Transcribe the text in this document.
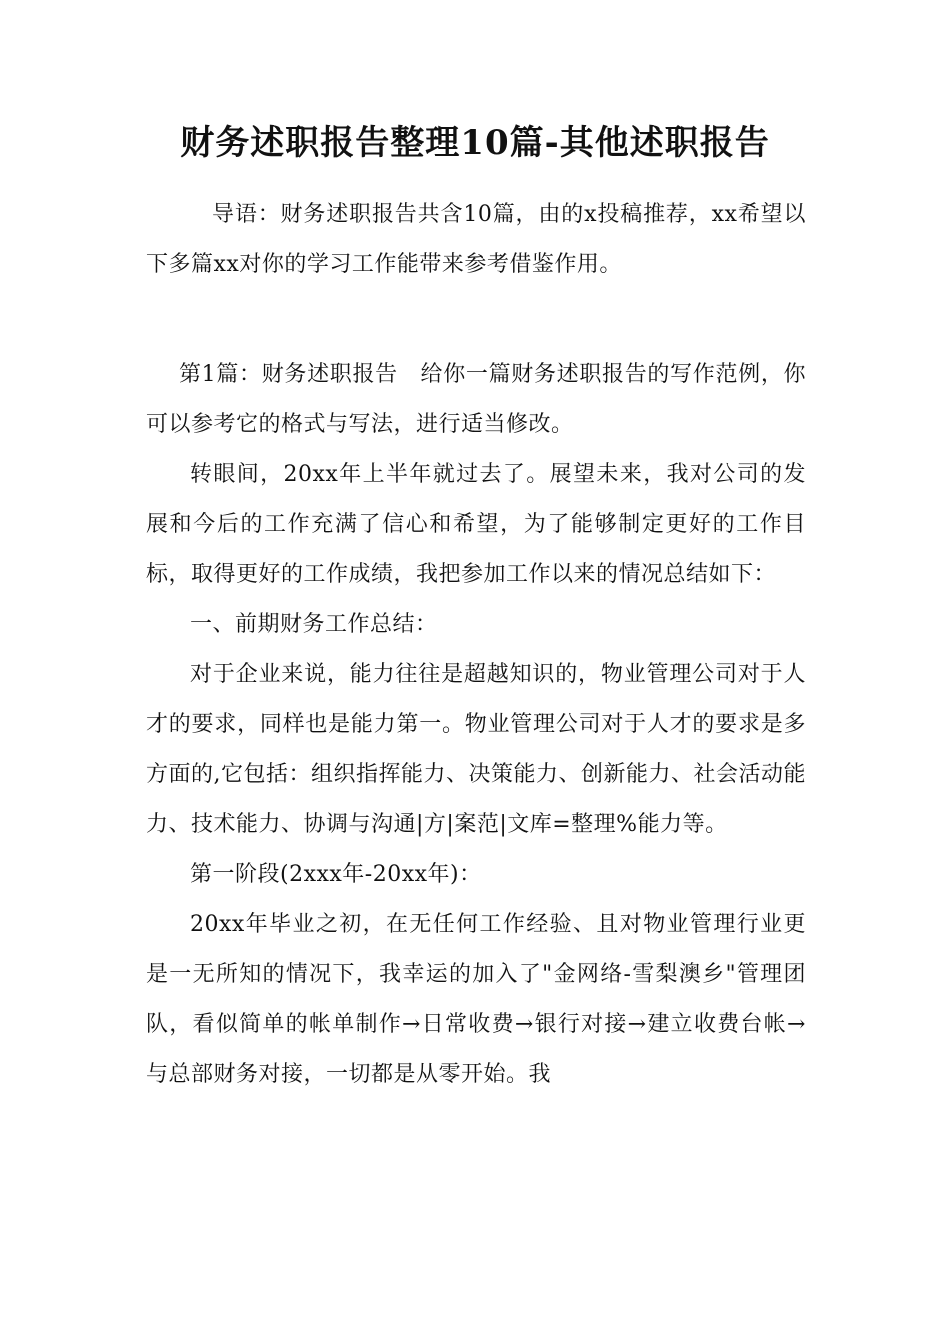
财务述职报告整理10篇-其他述职报告

导语：财务述职报告共含10篇，由的x投稿推荐，xx希望以下多篇xx对你的学习工作能带来参考借鉴作用。

第1篇：财务述职报告　给你一篇财务述职报告的写作范例，你可以参考它的格式与写法，进行适当修改。

转眼间，20xx年上半年就过去了。展望未来，我对公司的发展和今后的工作充满了信心和希望，为了能够制定更好的工作目标，取得更好的工作成绩，我把参加工作以来的情况总结如下：

一、前期财务工作总结：

对于企业来说，能力往往是超越知识的，物业管理公司对于人才的要求，同样也是能力第一。物业管理公司对于人才的要求是多方面的,它包括：组织指挥能力、决策能力、创新能力、社会活动能力、技术能力、协调与沟通|方|案范|文库=整理%能力等。

第一阶段(2xxx年-20xx年)：

20xx年毕业之初，在无任何工作经验、且对物业管理行业更是一无所知的情况下，我幸运的加入了"金网络-雪梨澳乡"管理团队，看似简单的帐单制作→日常收费→银行对接→建立收费台帐→与总部财务对接，一切都是从零开始。我
